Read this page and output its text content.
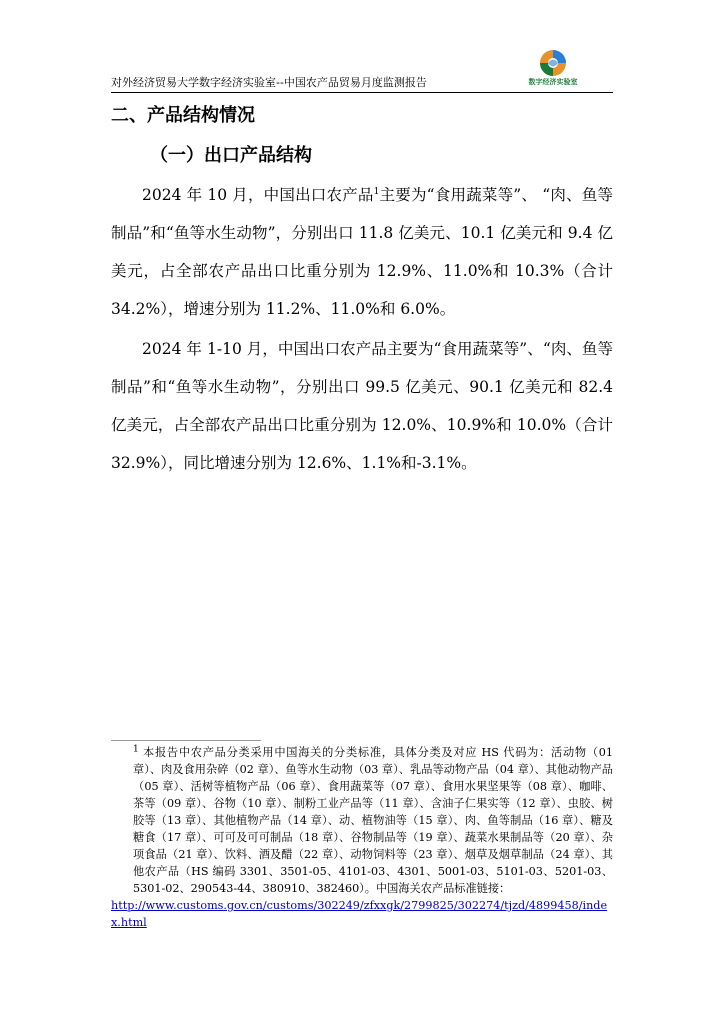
对外经济贸易大学数字经济实验室--中国农产品贸易月度监测报告	数字经济实验室
二、产品结构情况
（一）出口产品结构

2024 年 10 月，中国出口农产品$^1$主要为“食用蔬菜等”、 “肉、鱼等制品”和“鱼等水生动物”，分别出口 11.8 亿美元、10.1 亿美元和 9.4 亿美元，占全部农产品出口比重分别为 12.9%、11.0%和 10.3%（合计 34.2%），增速分别为 11.2%、11.0%和 6.0%。

2024 年 1-10 月，中国出口农产品主要为“食用蔬菜等”、“肉、鱼等制品”和“鱼等水生动物”，分别出口 99.5 亿美元、90.1 亿美元和 82.4 亿美元，占全部农产品出口比重分别为 12.0%、10.9%和 10.0%（合计 32.9%），同比增速分别为 12.6%、1.1%和-3.1%。

$^1$ 本报告中农产品分类采用中国海关的分类标准，具体分类及对应 HS 代码为：活动物（01 章）、肉及食用杂碎（02 章）、鱼等水生动物（03 章）、乳品等动物产品（04 章）、其他动物产品（05 章）、活树等植物产品（06 章）、食用蔬菜等（07 章）、食用水果坚果等（08 章）、咖啡、茶等（09 章）、谷物（10 章）、制粉工业产品等（11 章）、含油子仁果实等（12 章）、虫胶、树胶等（13 章）、其他植物产品（14 章）、动、植物油等（15 章）、肉、鱼等制品（16 章）、糖及糖食（17 章）、可可及可可制品（18 章）、谷物制品等（19 章）、蔬菜水果制品等（20 章）、杂项食品（21 章）、饮料、酒及醋（22 章）、动物饲料等（23 章）、烟草及烟草制品（24 章）、其他农产品（HS 编码 3301、3501-05、4101-03、4301、5001-03、5101-03、5201-03、5301-02、290543-44、380910、382460）。中国海关农产品标准链接：
http://www.customs.gov.cn/customs/302249/zfxxgk/2799825/302274/tjzd/4899458/index.html
